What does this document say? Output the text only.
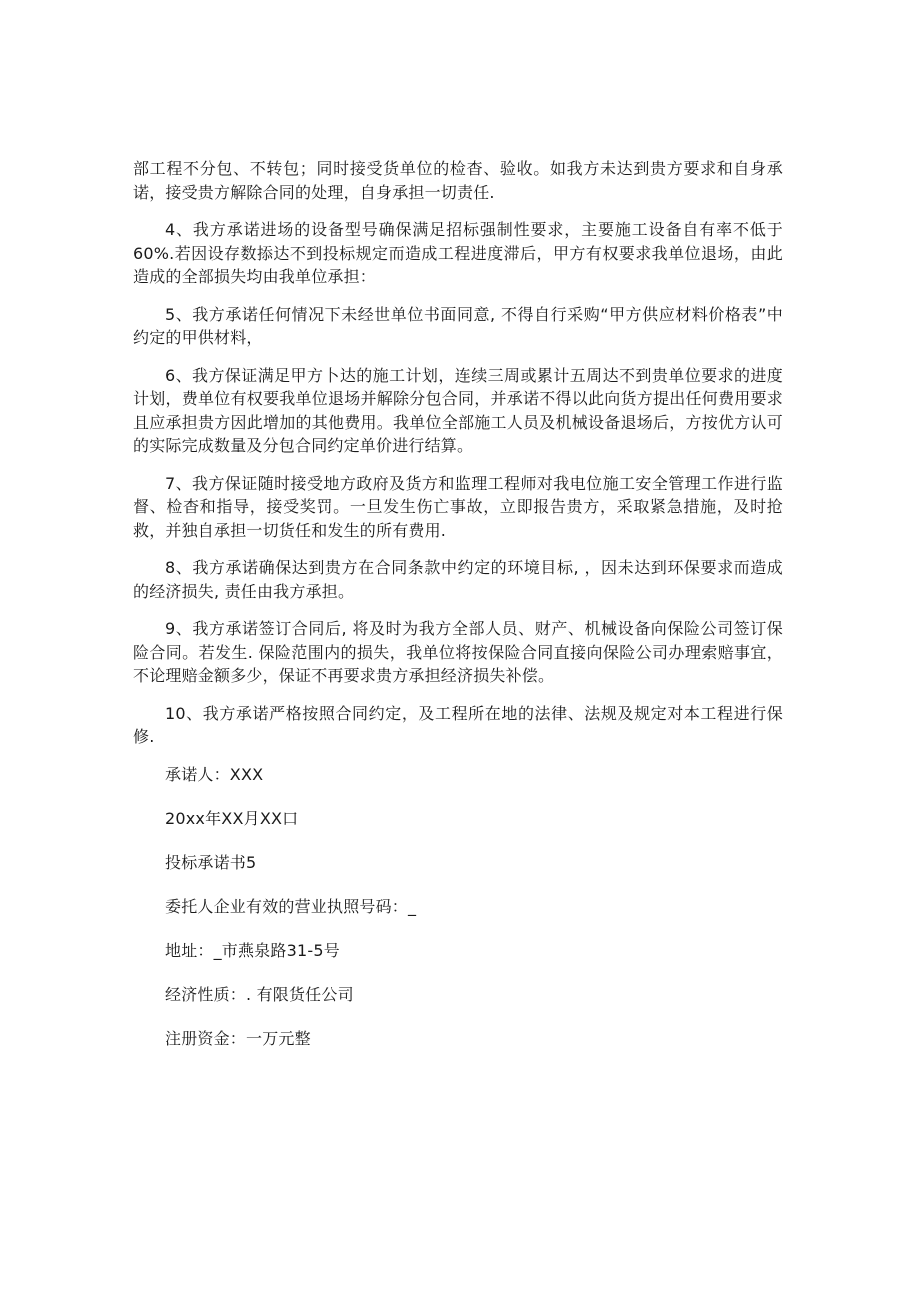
部工程不分包、不转包；同时接受货单位的检杳、验收。如我方未达到贵方要求和自身承诺，接受贵方解除合同的处理，自身承担一切责任.

4、我方承诺进场的设备型号确保满足招标强制性要求，主要施工设备自有率不低于60%.若因设存数掭达不到投标规定而造成工程进度滞后，甲方有权要求我单位退场，由此造成的全部损失均由我单位承担：

5、我方承诺任何情况下未经世单位书面同意, 不得自行采购“甲方供应材料价格表”中约定的甲供材料，

6、我方保证满足甲方卜达的施工计划，连续三周或累计五周达不到贵单位要求的进度计划，费单位有权要我单位退场并解除分包合同，并承诺不得以此向货方提出任何费用要求且应承担贵方因此增加的其他费用。我单位全部施工人员及机械设备退场后，方按优方认可的实际完成数量及分包合同约定单价进行结算。

7、我方保证随时接受地方政府及货方和监理工程师对我电位施工安全管理工作进行监督、检杳和指导，接受奖罚。一旦发生伤亡事故，立即报告贵方，采取紧急措施，及时抢救，并独自承担一切货任和发生的所有费用.

8、我方承诺确保达到贵方在合同条款中约定的环境目标, ，因未达到环保要求而造成的经济损失, 责任由我方承担。

9、我方承诺签订合同后, 将及时为我方全部人员、财产、机械设备向保险公司签订保险合同。若发生. 保险范围内的损失，我单位将按保险合同直接向保险公司办理索赔事宜，不论理赔金额多少，保证不再要求贵方承担经济损失补偿。

10、我方承诺严格按照合同约定，及工程所在地的法律、法规及规定对本工程进行保修.

承诺人：XXX

20xx年XX月XX口

投标承诺书5

委托人企业有效的营业执照号码：_

地址：_市燕泉路31-5号

经济性质：. 有限货任公司

注册资金：一万元整
